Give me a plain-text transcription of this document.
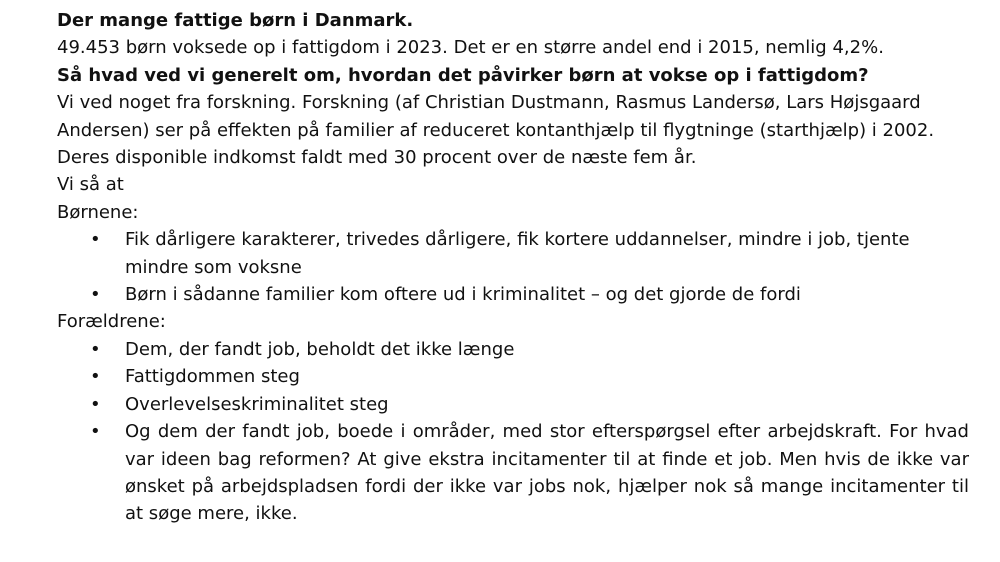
Der mange fattige børn i Danmark.

49.453 børn voksede op i fattigdom i 2023. Det er en større andel end i 2015, nemlig 4,2%.

Så hvad ved vi generelt om, hvordan det påvirker børn at vokse op i fattigdom?

Vi ved noget fra forskning. Forskning (af Christian Dustmann, Rasmus Landersø, Lars Højsgaard

Andersen) ser på effekten på familier af reduceret kontanthjælp til flygtninge (starthjælp) i 2002.

Deres disponible indkomst faldt med 30 procent over de næste fem år.

Vi så at

Børnene:

• Fik dårligere karakterer, trivedes dårligere, fik kortere uddannelser, mindre i job, tjente mindre som voksne
• Børn i sådanne familier kom oftere ud i kriminalitet – og det gjorde de fordi

Forældrene:

• Dem, der fandt job, beholdt det ikke længe
• Fattigdommen steg
• Overlevelseskriminalitet steg
• Og dem der fandt job, boede i områder, med stor efterspørgsel efter arbejdskraft. For hvad var ideen bag reformen? At give ekstra incitamenter til at finde et job. Men hvis de ikke var ønsket på arbejdspladsen fordi der ikke var jobs nok, hjælper nok så mange incitamenter til at søge mere, ikke.
